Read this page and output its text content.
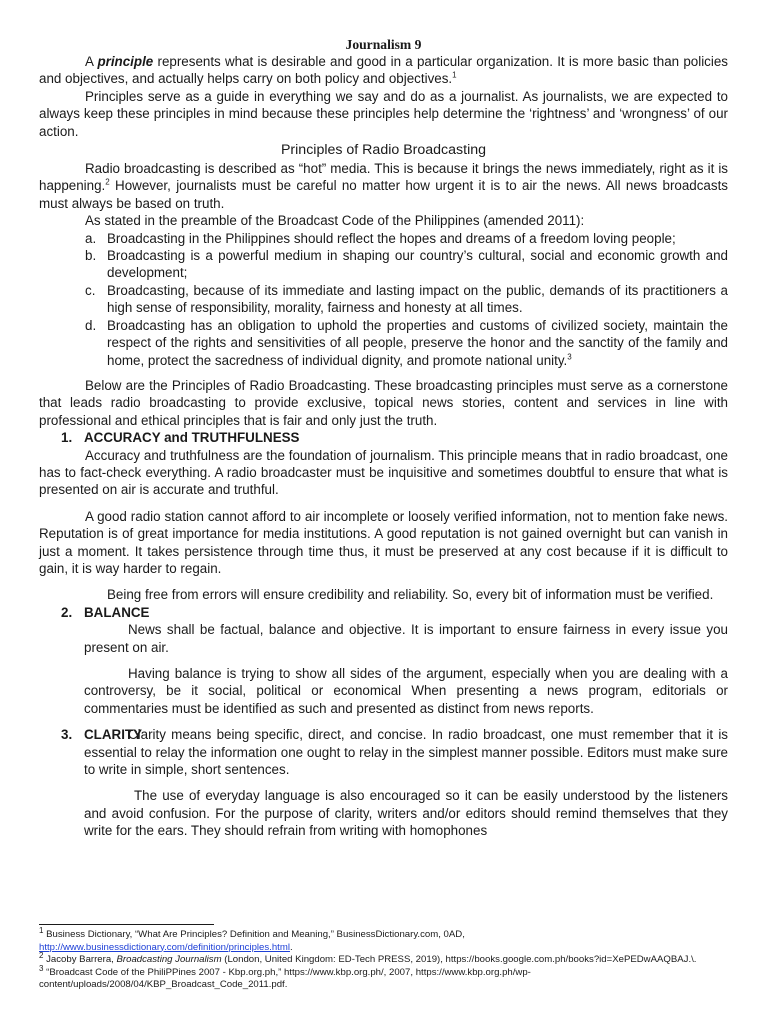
Journalism 9

A principle represents what is desirable and good in a particular organization. It is more basic than policies and objectives, and actually helps carry on both policy and objectives.$^1$

Principles serve as a guide in everything we say and do as a journalist. As journalists, we are expected to always keep these principles in mind because these principles help determine the ‘rightness’ and ‘wrongness’ of our action.

Principles of Radio Broadcasting

Radio broadcasting is described as “hot” media. This is because it brings the news immediately, right as it is happening.$^2$ However, journalists must be careful no matter how urgent it is to air the news. All news broadcasts must always be based on truth.

As stated in the preamble of the Broadcast Code of the Philippines (amended 2011):

a. Broadcasting in the Philippines should reflect the hopes and dreams of a freedom loving people;
b. Broadcasting is a powerful medium in shaping our country’s cultural, social and economic growth and development;
c. Broadcasting, because of its immediate and lasting impact on the public, demands of its practitioners a high sense of responsibility, morality, fairness and honesty at all times.
d. Broadcasting has an obligation to uphold the properties and customs of civilized society, maintain the respect of the rights and sensitivities of all people, preserve the honor and the sanctity of the family and home, protect the sacredness of individual dignity, and promote national unity.$^3$

Below are the Principles of Radio Broadcasting. These broadcasting principles must serve as a cornerstone that leads radio broadcasting to provide exclusive, topical news stories, content and services in line with professional and ethical principles that is fair and only just the truth.

1. ACCURACY and TRUTHFULNESS

Accuracy and truthfulness are the foundation of journalism. This principle means that in radio broadcast, one has to fact-check everything. A radio broadcaster must be inquisitive and sometimes doubtful to ensure that what is presented on air is accurate and truthful.

A good radio station cannot afford to air incomplete or loosely verified information, not to mention fake news. Reputation is of great importance for media institutions. A good reputation is not gained overnight but can vanish in just a moment. It takes persistence through time thus, it must be preserved at any cost because if it is difficult to gain, it is way harder to regain.

Being free from errors will ensure credibility and reliability. So, every bit of information must be verified.

2. BALANCE

News shall be factual, balance and objective. It is important to ensure fairness in every issue you present on air.

Having balance is trying to show all sides of the argument, especially when you are dealing with a controversy, be it social, political or economical When presenting a news program, editorials or commentaries must be identified as such and presented as distinct from news reports.

3. CLARITY

Clarity means being specific, direct, and concise. In radio broadcast, one must remember that it is essential to relay the information one ought to relay in the simplest manner possible. Editors must make sure to write in simple, short sentences.

The use of everyday language is also encouraged so it can be easily understood by the listeners and avoid confusion. For the purpose of clarity, writers and/or editors should remind themselves that they write for the ears. They should refrain from writing with homophones

$^1$ Business Dictionary, “What Are Principles? Definition and Meaning,” BusinessDictionary.com, 0AD,
http://www.businessdictionary.com/definition/principles.html.

$^2$ Jacoby Barrera, Broadcasting Journalism (London, United Kingdom: ED-Tech PRESS, 2019), https://books.google.com.ph/books?id=XePEDwAAQBAJ.\.

$^3$ “Broadcast Code of the PhiliPPines 2007 - Kbp.org.ph,” https://www.kbp.org.ph/, 2007, https://www.kbp.org.ph/wp-content/uploads/2008/04/KBP_Broadcast_Code_2011.pdf.
